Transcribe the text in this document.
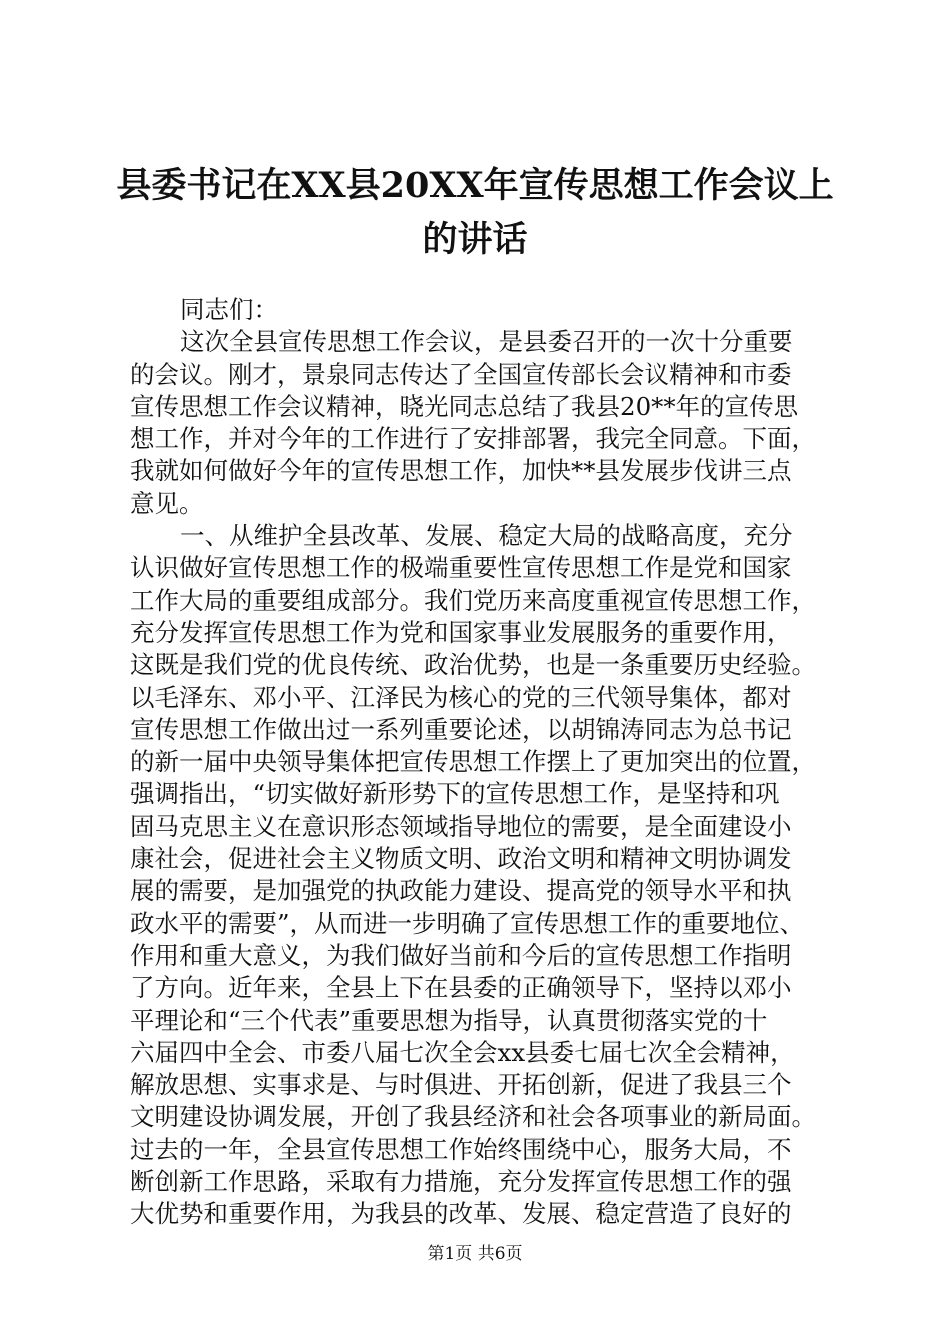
县委书记在XX县20XX年宣传思想工作会议上
的讲话
同志们：
这次全县宣传思想工作会议，是县委召开的一次十分重要
的会议。刚才，景泉同志传达了全国宣传部长会议精神和市委
宣传思想工作会议精神，晓光同志总结了我县20**年的宣传思
想工作，并对今年的工作进行了安排部署，我完全同意。下面，
我就如何做好今年的宣传思想工作，加快**县发展步伐讲三点
意见。
一、从维护全县改革、发展、稳定大局的战略高度，充分
认识做好宣传思想工作的极端重要性宣传思想工作是党和国家
工作大局的重要组成部分。我们党历来高度重视宣传思想工作，
充分发挥宣传思想工作为党和国家事业发展服务的重要作用，
这既是我们党的优良传统、政治优势，也是一条重要历史经验。
以毛泽东、邓小平、江泽民为核心的党的三代领导集体，都对
宣传思想工作做出过一系列重要论述，以胡锦涛同志为总书记
的新一届中央领导集体把宣传思想工作摆上了更加突出的位置，
强调指出，“切实做好新形势下的宣传思想工作，是坚持和巩
固马克思主义在意识形态领域指导地位的需要，是全面建设小
康社会，促进社会主义物质文明、政治文明和精神文明协调发
展的需要，是加强党的执政能力建设、提高党的领导水平和执
政水平的需要”，从而进一步明确了宣传思想工作的重要地位、
作用和重大意义，为我们做好当前和今后的宣传思想工作指明
了方向。近年来，全县上下在县委的正确领导下，坚持以邓小
平理论和“三个代表”重要思想为指导，认真贯彻落实党的十
六届四中全会、市委八届七次全会xx县委七届七次全会精神，
解放思想、实事求是、与时俱进、开拓创新，促进了我县三个
文明建设协调发展，开创了我县经济和社会各项事业的新局面。
过去的一年，全县宣传思想工作始终围绕中心，服务大局，不
断创新工作思路，采取有力措施，充分发挥宣传思想工作的强
大优势和重要作用，为我县的改革、发展、稳定营造了良好的
第1页 共6页
